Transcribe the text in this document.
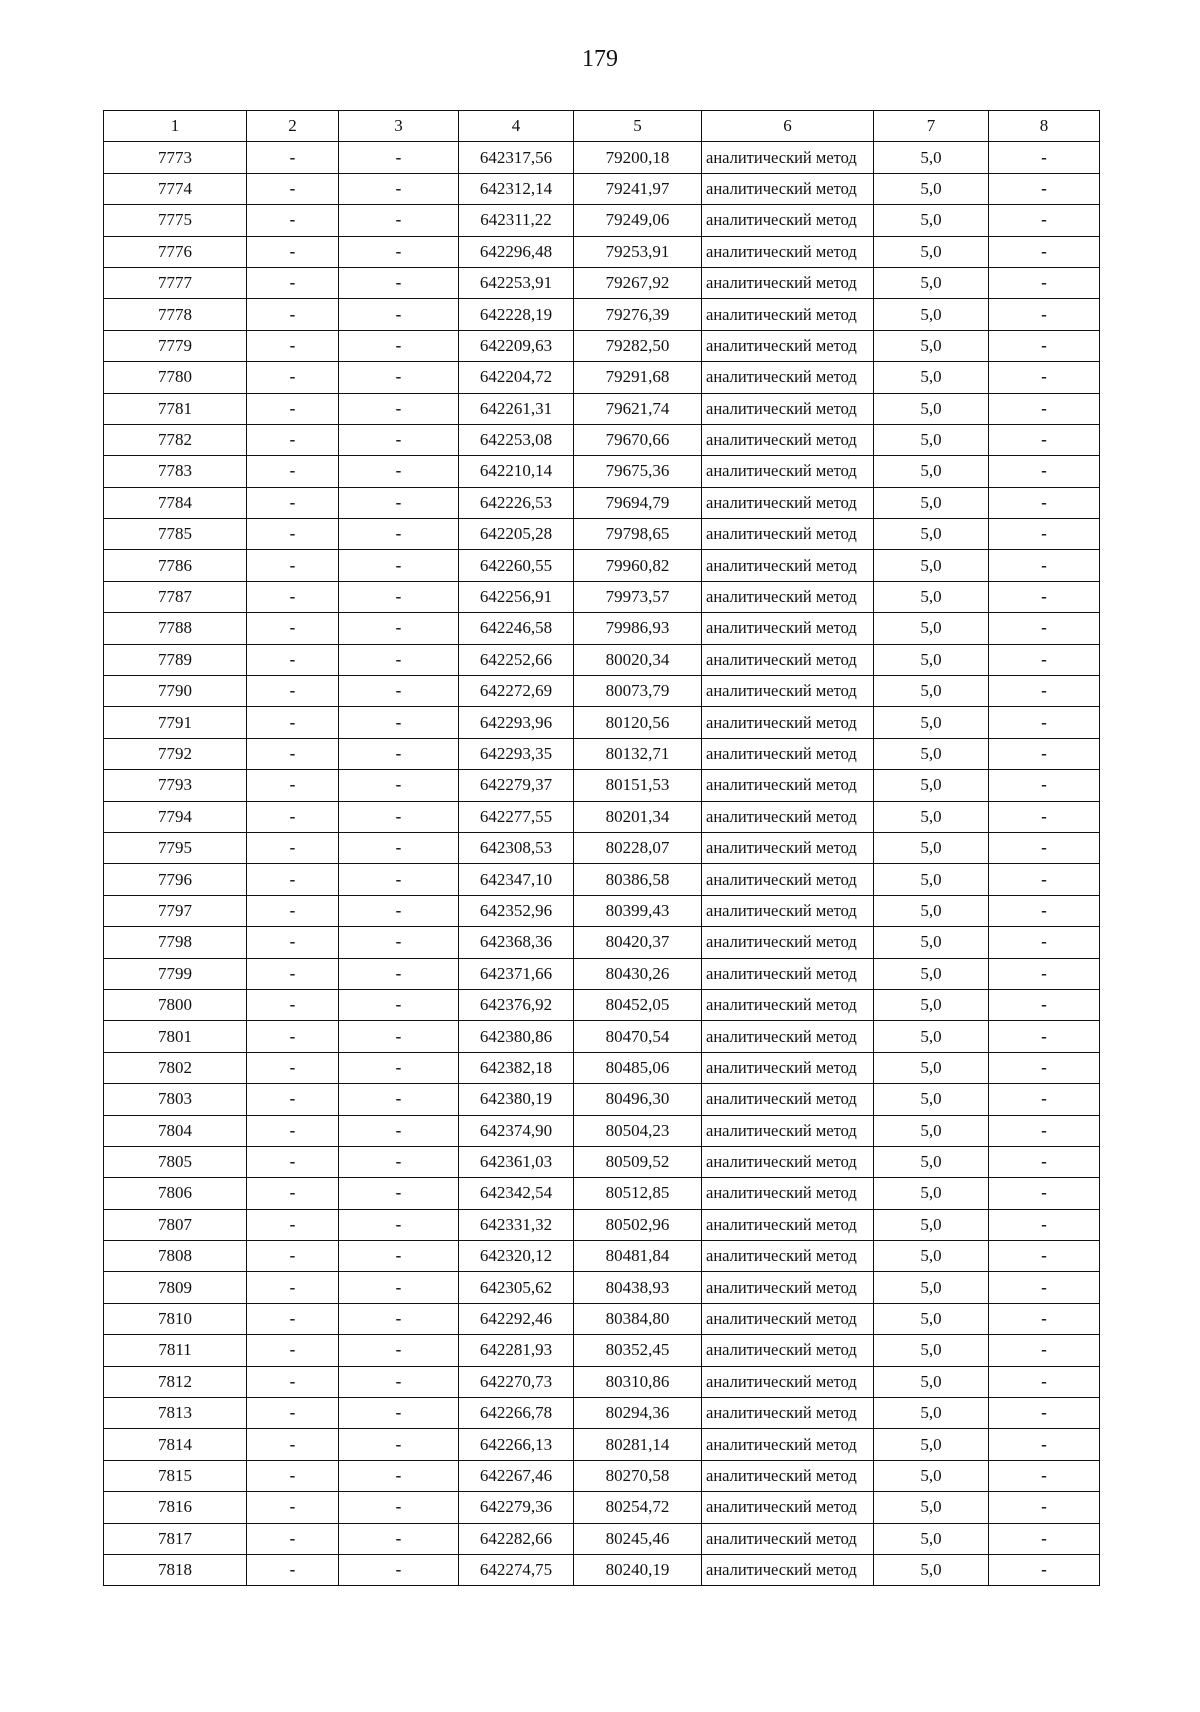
179
1	2	3	4	5	6	7	8
7773	-	-	642317,56	79200,18	аналитический метод	5,0	-
7774	-	-	642312,14	79241,97	аналитический метод	5,0	-
7775	-	-	642311,22	79249,06	аналитический метод	5,0	-
7776	-	-	642296,48	79253,91	аналитический метод	5,0	-
7777	-	-	642253,91	79267,92	аналитический метод	5,0	-
7778	-	-	642228,19	79276,39	аналитический метод	5,0	-
7779	-	-	642209,63	79282,50	аналитический метод	5,0	-
7780	-	-	642204,72	79291,68	аналитический метод	5,0	-
7781	-	-	642261,31	79621,74	аналитический метод	5,0	-
7782	-	-	642253,08	79670,66	аналитический метод	5,0	-
7783	-	-	642210,14	79675,36	аналитический метод	5,0	-
7784	-	-	642226,53	79694,79	аналитический метод	5,0	-
7785	-	-	642205,28	79798,65	аналитический метод	5,0	-
7786	-	-	642260,55	79960,82	аналитический метод	5,0	-
7787	-	-	642256,91	79973,57	аналитический метод	5,0	-
7788	-	-	642246,58	79986,93	аналитический метод	5,0	-
7789	-	-	642252,66	80020,34	аналитический метод	5,0	-
7790	-	-	642272,69	80073,79	аналитический метод	5,0	-
7791	-	-	642293,96	80120,56	аналитический метод	5,0	-
7792	-	-	642293,35	80132,71	аналитический метод	5,0	-
7793	-	-	642279,37	80151,53	аналитический метод	5,0	-
7794	-	-	642277,55	80201,34	аналитический метод	5,0	-
7795	-	-	642308,53	80228,07	аналитический метод	5,0	-
7796	-	-	642347,10	80386,58	аналитический метод	5,0	-
7797	-	-	642352,96	80399,43	аналитический метод	5,0	-
7798	-	-	642368,36	80420,37	аналитический метод	5,0	-
7799	-	-	642371,66	80430,26	аналитический метод	5,0	-
7800	-	-	642376,92	80452,05	аналитический метод	5,0	-
7801	-	-	642380,86	80470,54	аналитический метод	5,0	-
7802	-	-	642382,18	80485,06	аналитический метод	5,0	-
7803	-	-	642380,19	80496,30	аналитический метод	5,0	-
7804	-	-	642374,90	80504,23	аналитический метод	5,0	-
7805	-	-	642361,03	80509,52	аналитический метод	5,0	-
7806	-	-	642342,54	80512,85	аналитический метод	5,0	-
7807	-	-	642331,32	80502,96	аналитический метод	5,0	-
7808	-	-	642320,12	80481,84	аналитический метод	5,0	-
7809	-	-	642305,62	80438,93	аналитический метод	5,0	-
7810	-	-	642292,46	80384,80	аналитический метод	5,0	-
7811	-	-	642281,93	80352,45	аналитический метод	5,0	-
7812	-	-	642270,73	80310,86	аналитический метод	5,0	-
7813	-	-	642266,78	80294,36	аналитический метод	5,0	-
7814	-	-	642266,13	80281,14	аналитический метод	5,0	-
7815	-	-	642267,46	80270,58	аналитический метод	5,0	-
7816	-	-	642279,36	80254,72	аналитический метод	5,0	-
7817	-	-	642282,66	80245,46	аналитический метод	5,0	-
7818	-	-	642274,75	80240,19	аналитический метод	5,0	-
